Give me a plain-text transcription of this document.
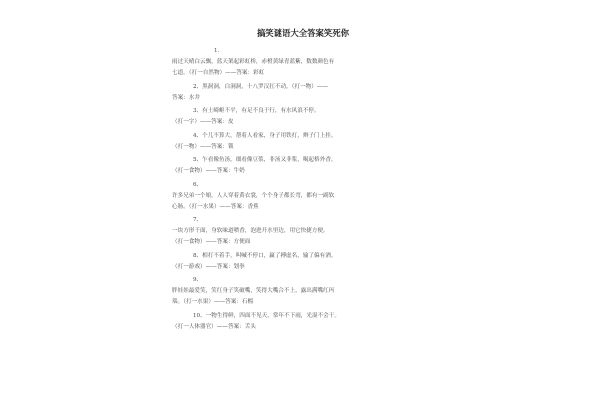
搞笑谜语大全答案笑死你

1.

雨过天晴白云飘，蓝天架起彩虹桥，赤橙黄绿青蓝紫，数数颜色有

七道。（打一自然物）——答案：彩虹

2、黑洞洞，白洞洞，十八罗汉扛不动。（打一物）——

答案：水井

3、有土崎岖不平，有足不良于行，有水风浪不停。

（打一字）——答案：皮

4、个儿不算大，帮着人看家，身子用铁打，辫子门上挂。

（打一物）——答案：锁

5、乍看像鱼汤，细看像豆浆，非汤又非浆，喝起格外香。

（打一食物）——答案：牛奶

6、

许多兄弟一个娘，人人穿着黄衣裳，个个身子都长弯，都有一副软

心肠。（打一水果）——答案：香蕉

7、

一块方形干面，身软味道喷香，泡进开水里边，用它快捷方便。

（打一食物）——答案：方便面

8、相打不着手，叫喊不停口，赢了搏虚名，输了偏有酒。

（打一游戏）——答案：划拳

9、

胖娃娃最爱笑，笑红身子笑破嘴，笑得大嘴合不上，露出满嘴红玛

瑙。（打一水果）——答案：石榴

10、一物生得鲜，四面不见天，常年不下雨，光湿不会干。

（打一人体器官）——答案：舌头
